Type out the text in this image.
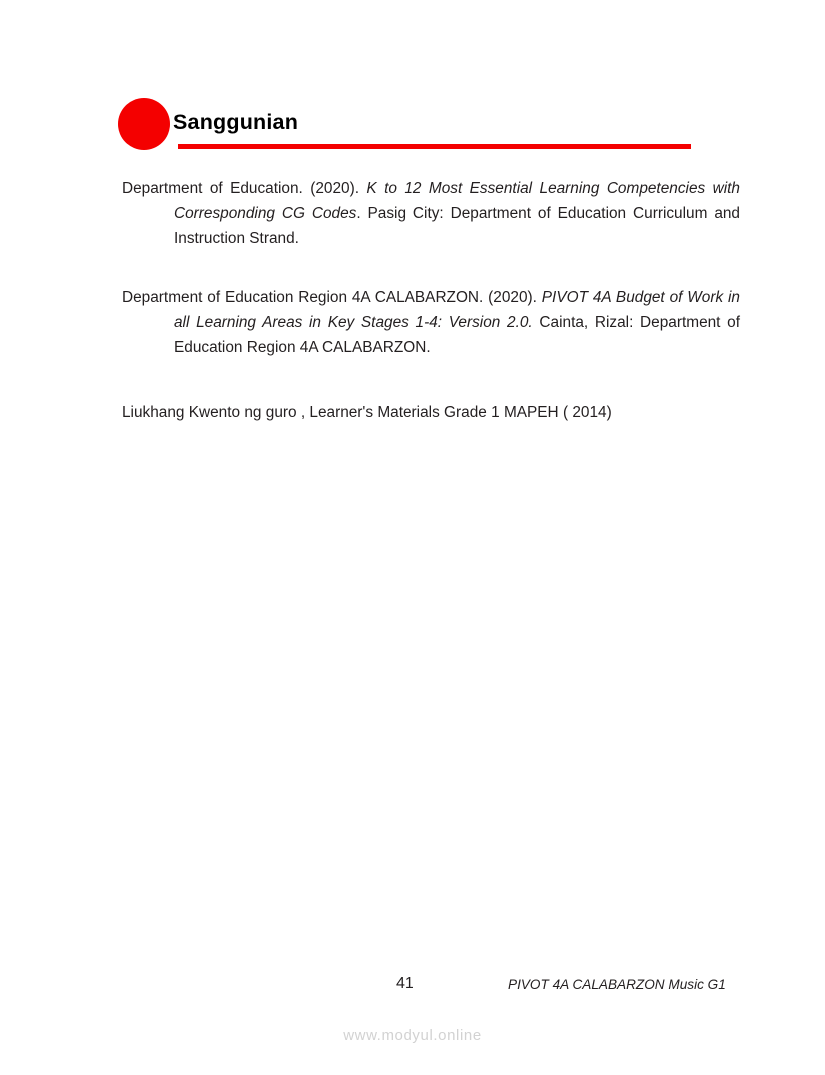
Sanggunian

Department of Education. (2020). K to 12 Most Essential Learning Competencies with Corresponding CG Codes. Pasig City: Department of Education Curriculum and Instruction Strand.

Department of Education Region 4A CALABARZON. (2020). PIVOT 4A Budget of Work in all Learning Areas in Key Stages 1-4: Version 2.0. Cainta, Rizal: Department of Education Region 4A CALABARZON.

Liukhang Kwento ng guro , Learner's Materials Grade 1 MAPEH ( 2014)

41	PIVOT 4A CALABARZON Music G1
www.modyul.online
